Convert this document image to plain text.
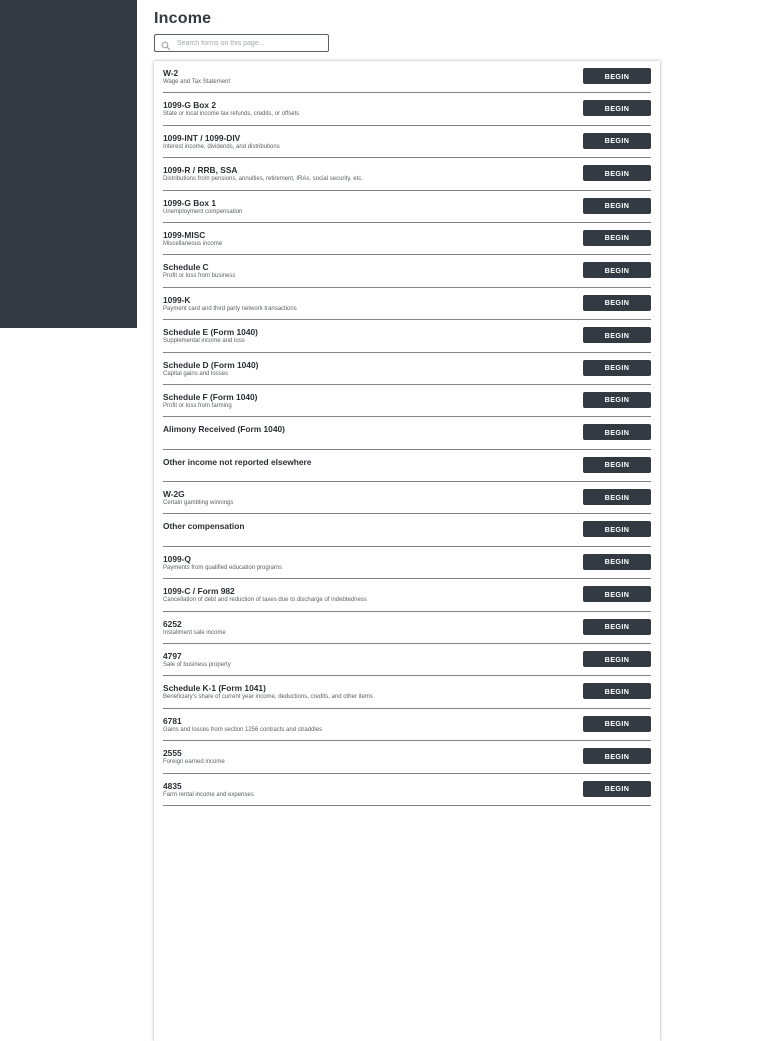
Income
Search forms on this page...
W-2
Wage and Tax Statement
BEGIN
1099-G Box 2
State or local income tax refunds, credits, or offsets
BEGIN
1099-INT / 1099-DIV
Interest income, dividends, and distributions
BEGIN
1099-R / RRB, SSA
Distributions from pensions, annuities, retirement, IRAs, social security, etc.
BEGIN
1099-G Box 1
Unemployment compensation
BEGIN
1099-MISC
Miscellaneous income
BEGIN
Schedule C
Profit or loss from business
BEGIN
1099-K
Payment card and third party network transactions
BEGIN
Schedule E (Form 1040)
Supplemental income and loss
BEGIN
Schedule D (Form 1040)
Capital gains and losses
BEGIN
Schedule F (Form 1040)
Profit or loss from farming
BEGIN
Alimony Received (Form 1040)	BEGIN
Other income not reported elsewhere	BEGIN
W-2G
Certain gambling winnings
BEGIN
Other compensation	BEGIN
1099-Q
Payments from qualified education programs
BEGIN
1099-C / Form 982
Cancellation of debt and reduction of taxes due to discharge of indebtedness
BEGIN
6252
Installment sale income
BEGIN
4797
Sale of business property
BEGIN
Schedule K-1 (Form 1041)
Beneficiary's share of current year income, deductions, credits, and other items
BEGIN
6781
Gains and losses from section 1256 contracts and straddles
BEGIN
2555
Foreign earned income
BEGIN
4835
Farm rental income and expenses
BEGIN
